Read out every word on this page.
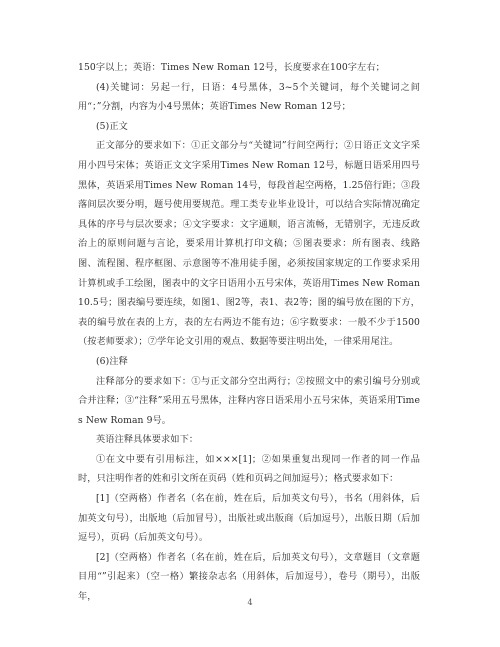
150字以上；英语：Times New Roman 12号，长度要求在100字左右；

(4)关键词：另起一行，日语：4号黑体，3~5个关键词，每个关键词之间用“；”分割，内容为小4号黑体；英语Times New Roman 12号；

(5)正文

正文部分的要求如下：①正文部分与“关键词”行间空两行；②日语正文文字采用小四号宋体；英语正文文字采用Times New Roman 12号，标题日语采用四号黑体，英语采用Times New Roman 14号，每段首起空两格，1.25倍行距；③段落间层次要分明，题号使用要规范。理工类专业毕业设计，可以结合实际情况确定具体的序号与层次要求；④文字要求：文字通顺，语言流畅，无错别字，无违反政治上的原则问题与言论，要采用计算机打印文稿；⑤图表要求：所有图表、线路图、流程图、程序框图、示意图等不准用徒手图，必须按国家规定的工作要求采用计算机或手工绘图，图表中的文字日语用小五号宋体，英语用Times New Roman 10.5号；图表编号要连续，如图1、图2等，表1、表2等；图的编号放在图的下方，表的编号放在表的上方，表的左右两边不能有边；⑥字数要求：一般不少于1500（按老师要求）；⑦学年论文引用的观点、数据等要注明出处，一律采用尾注。

(6)注释

注释部分的要求如下：①与正文部分空出两行；②按照文中的索引编号分别或合并注释；③“注释”采用五号黑体，注释内容日语采用小五号宋体，英语采用Times New Roman 9号。

英语注释具体要求如下：

①在文中要有引用标注，如×××[1]；②如果重复出现同一作者的同一作品时，只注明作者的姓和引文所在页码（姓和页码之间加逗号）；格式要求如下：

[1]（空两格）作者名（名在前，姓在后，后加英文句号），书名（用斜体，后加英文句号），出版地（后加冒号），出版社或出版商（后加逗号），出版日期（后加逗号），页码（后加英文句号）。

[2]（空两格）作者名（名在前，姓在后，后加英文句号），文章题目（文章题目用“”引起来）（空一格）繁接杂志名（用斜体，后加逗号），卷号（期号），出版年，

4
